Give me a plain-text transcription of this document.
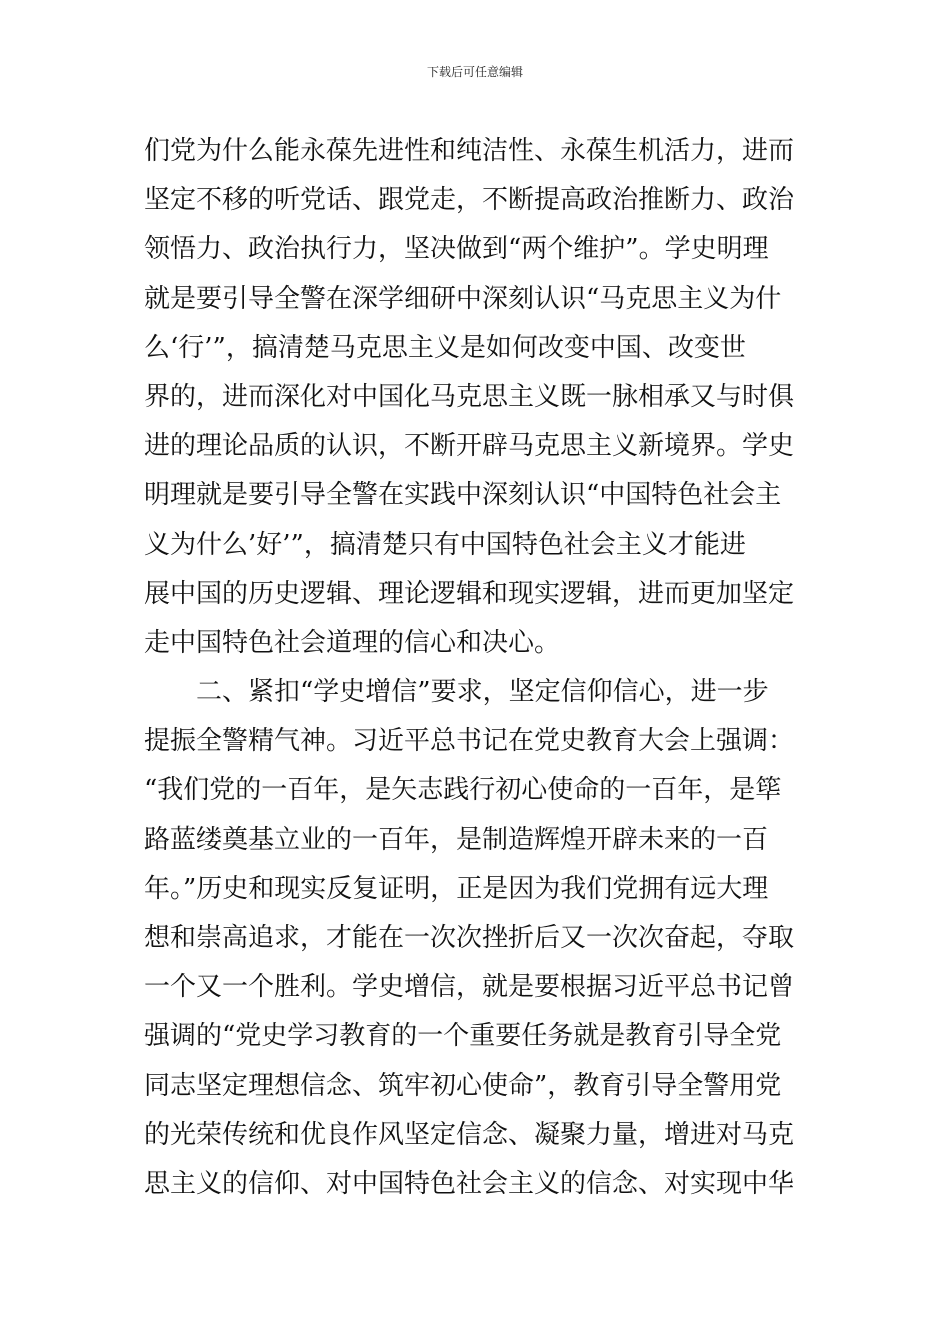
下载后可任意编辑
们党为什么能永葆先进性和纯洁性、永葆生机活力，进而
坚定不移的听党话、跟党走，不断提高政治推断力、政治
领悟力、政治执行力，坚决做到“两个维护”。学史明理
就是要引导全警在深学细研中深刻认识“马克思主义为什
么‘行’”，搞清楚马克思主义是如何改变中国、改变世
界的，进而深化对中国化马克思主义既一脉相承又与时俱
进的理论品质的认识，不断开辟马克思主义新境界。学史
明理就是要引导全警在实践中深刻认识“中国特色社会主
义为什么’好’”，搞清楚只有中国特色社会主义才能进
展中国的历史逻辑、理论逻辑和现实逻辑，进而更加坚定
走中国特色社会道理的信心和决心。
二、紧扣“学史增信”要求，坚定信仰信心，进一步
提振全警精气神。习近平总书记在党史教育大会上强调：
“我们党的一百年，是矢志践行初心使命的一百年，是筚
路蓝缕奠基立业的一百年，是制造辉煌开辟未来的一百
年。”历史和现实反复证明，正是因为我们党拥有远大理
想和崇高追求，才能在一次次挫折后又一次次奋起，夺取
一个又一个胜利。学史增信，就是要根据习近平总书记曾
强调的“党史学习教育的一个重要任务就是教育引导全党
同志坚定理想信念、筑牢初心使命”，教育引导全警用党
的光荣传统和优良作风坚定信念、凝聚力量，增进对马克
思主义的信仰、对中国特色社会主义的信念、对实现中华
